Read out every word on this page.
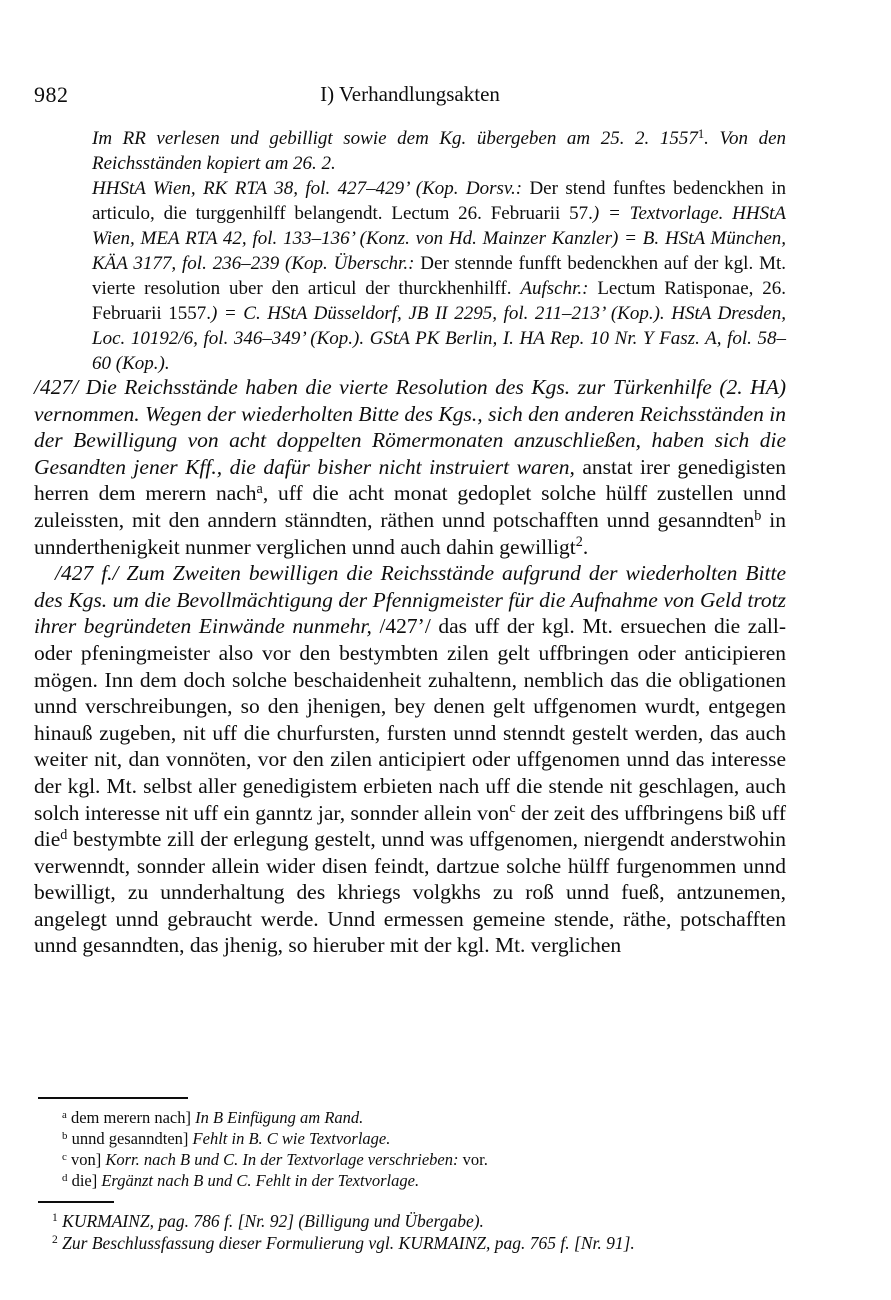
982	I) Verhandlungsakten

Im RR verlesen und gebilligt sowie dem Kg. übergeben am 25. 2. 1557$^1$. Von den Reichsständen kopiert am 26. 2.

HHStA Wien, RK RTA 38, fol. 427–429’ (Kop. Dorsv.: Der stend funftes bedenckhen in articulo, die turggenhilff belangendt. Lectum 26. Februarii 57.) = Textvorlage. HHStA Wien, MEA RTA 42, fol. 133–136’ (Konz. von Hd. Mainzer Kanzler) = B. HStA München, KÄA 3177, fol. 236–239 (Kop. Überschr.: Der stennde funfft bedenckhen auf der kgl. Mt. vierte resolution uber den articul der thurckhenhilff. Aufschr.: Lectum Ratisponae, 26. Februarii 1557.) = C. HStA Düsseldorf, JB II 2295, fol. 211–213’ (Kop.). HStA Dresden, Loc. 10192/6, fol. 346–349’ (Kop.). GStA PK Berlin, I. HA Rep. 10 Nr. Y Fasz. A, fol. 58–60 (Kop.).

/427/ Die Reichsstände haben die vierte Resolution des Kgs. zur Türkenhilfe (2. HA) vernommen. Wegen der wiederholten Bitte des Kgs., sich den anderen Reichsständen in der Bewilligung von acht doppelten Römermonaten anzuschließen, haben sich die Gesandten jener Kff., die dafür bisher nicht instruiert waren, anstat irer genedigisten herren dem merern nach$^a$, uff die acht monat gedoplet solche hülff zustellen unnd zuleissten, mit den anndern stänndten, räthen unnd potschafften unnd gesanndten$^b$ in unnderthenigkeit nunmer verglichen unnd auch dahin gewilligt$^2$.

/427 f./ Zum Zweiten bewilligen die Reichsstände aufgrund der wiederholten Bitte des Kgs. um die Bevollmächtigung der Pfennigmeister für die Aufnahme von Geld trotz ihrer begründeten Einwände nunmehr, /427’/ das uff der kgl. Mt. ersuechen die zall- oder pfeningmeister also vor den bestymbten zilen gelt uffbringen oder anticipieren mögen. Inn dem doch solche beschaidenheit zuhaltenn, nemblich das die obligationen unnd verschreibungen, so den jhenigen, bey denen gelt uffgenomen wurdt, entgegen hinauß zugeben, nit uff die churfursten, fursten unnd stenndt gestelt werden, das auch weiter nit, dan vonnöten, vor den zilen anticipiert oder uffgenomen unnd das interesse der kgl. Mt. selbst aller genedigistem erbieten nach uff die stende nit geschlagen, auch solch interesse nit uff ein ganntz jar, sonnder allein von$^c$ der zeit des uffbringens biß uff die$^d$ bestymbte zill der erlegung gestelt, unnd was uffgenomen, niergendt anderstwohin verwenndt, sonnder allein wider disen feindt, dartzue solche hülff furgenommen unnd bewilligt, zu unnderhaltung des khriegs volgkhs zu roß unnd fueß, antzunemen, angelegt unnd gebraucht werde. Unnd ermessen gemeine stende, räthe, potschafften unnd gesanndten, das jhenig, so hieruber mit der kgl. Mt. verglichen

$^a$ dem merern nach] In B Einfügung am Rand.

$^b$ unnd gesanndten] Fehlt in B. C wie Textvorlage.

$^c$ von] Korr. nach B und C. In der Textvorlage verschrieben: vor.

$^d$ die] Ergänzt nach B und C. Fehlt in der Textvorlage.

$^1$ KURMAINZ, pag. 786 f. [Nr. 92] (Billigung und Übergabe).

$^2$ Zur Beschlussfassung dieser Formulierung vgl. KURMAINZ, pag. 765 f. [Nr. 91].
